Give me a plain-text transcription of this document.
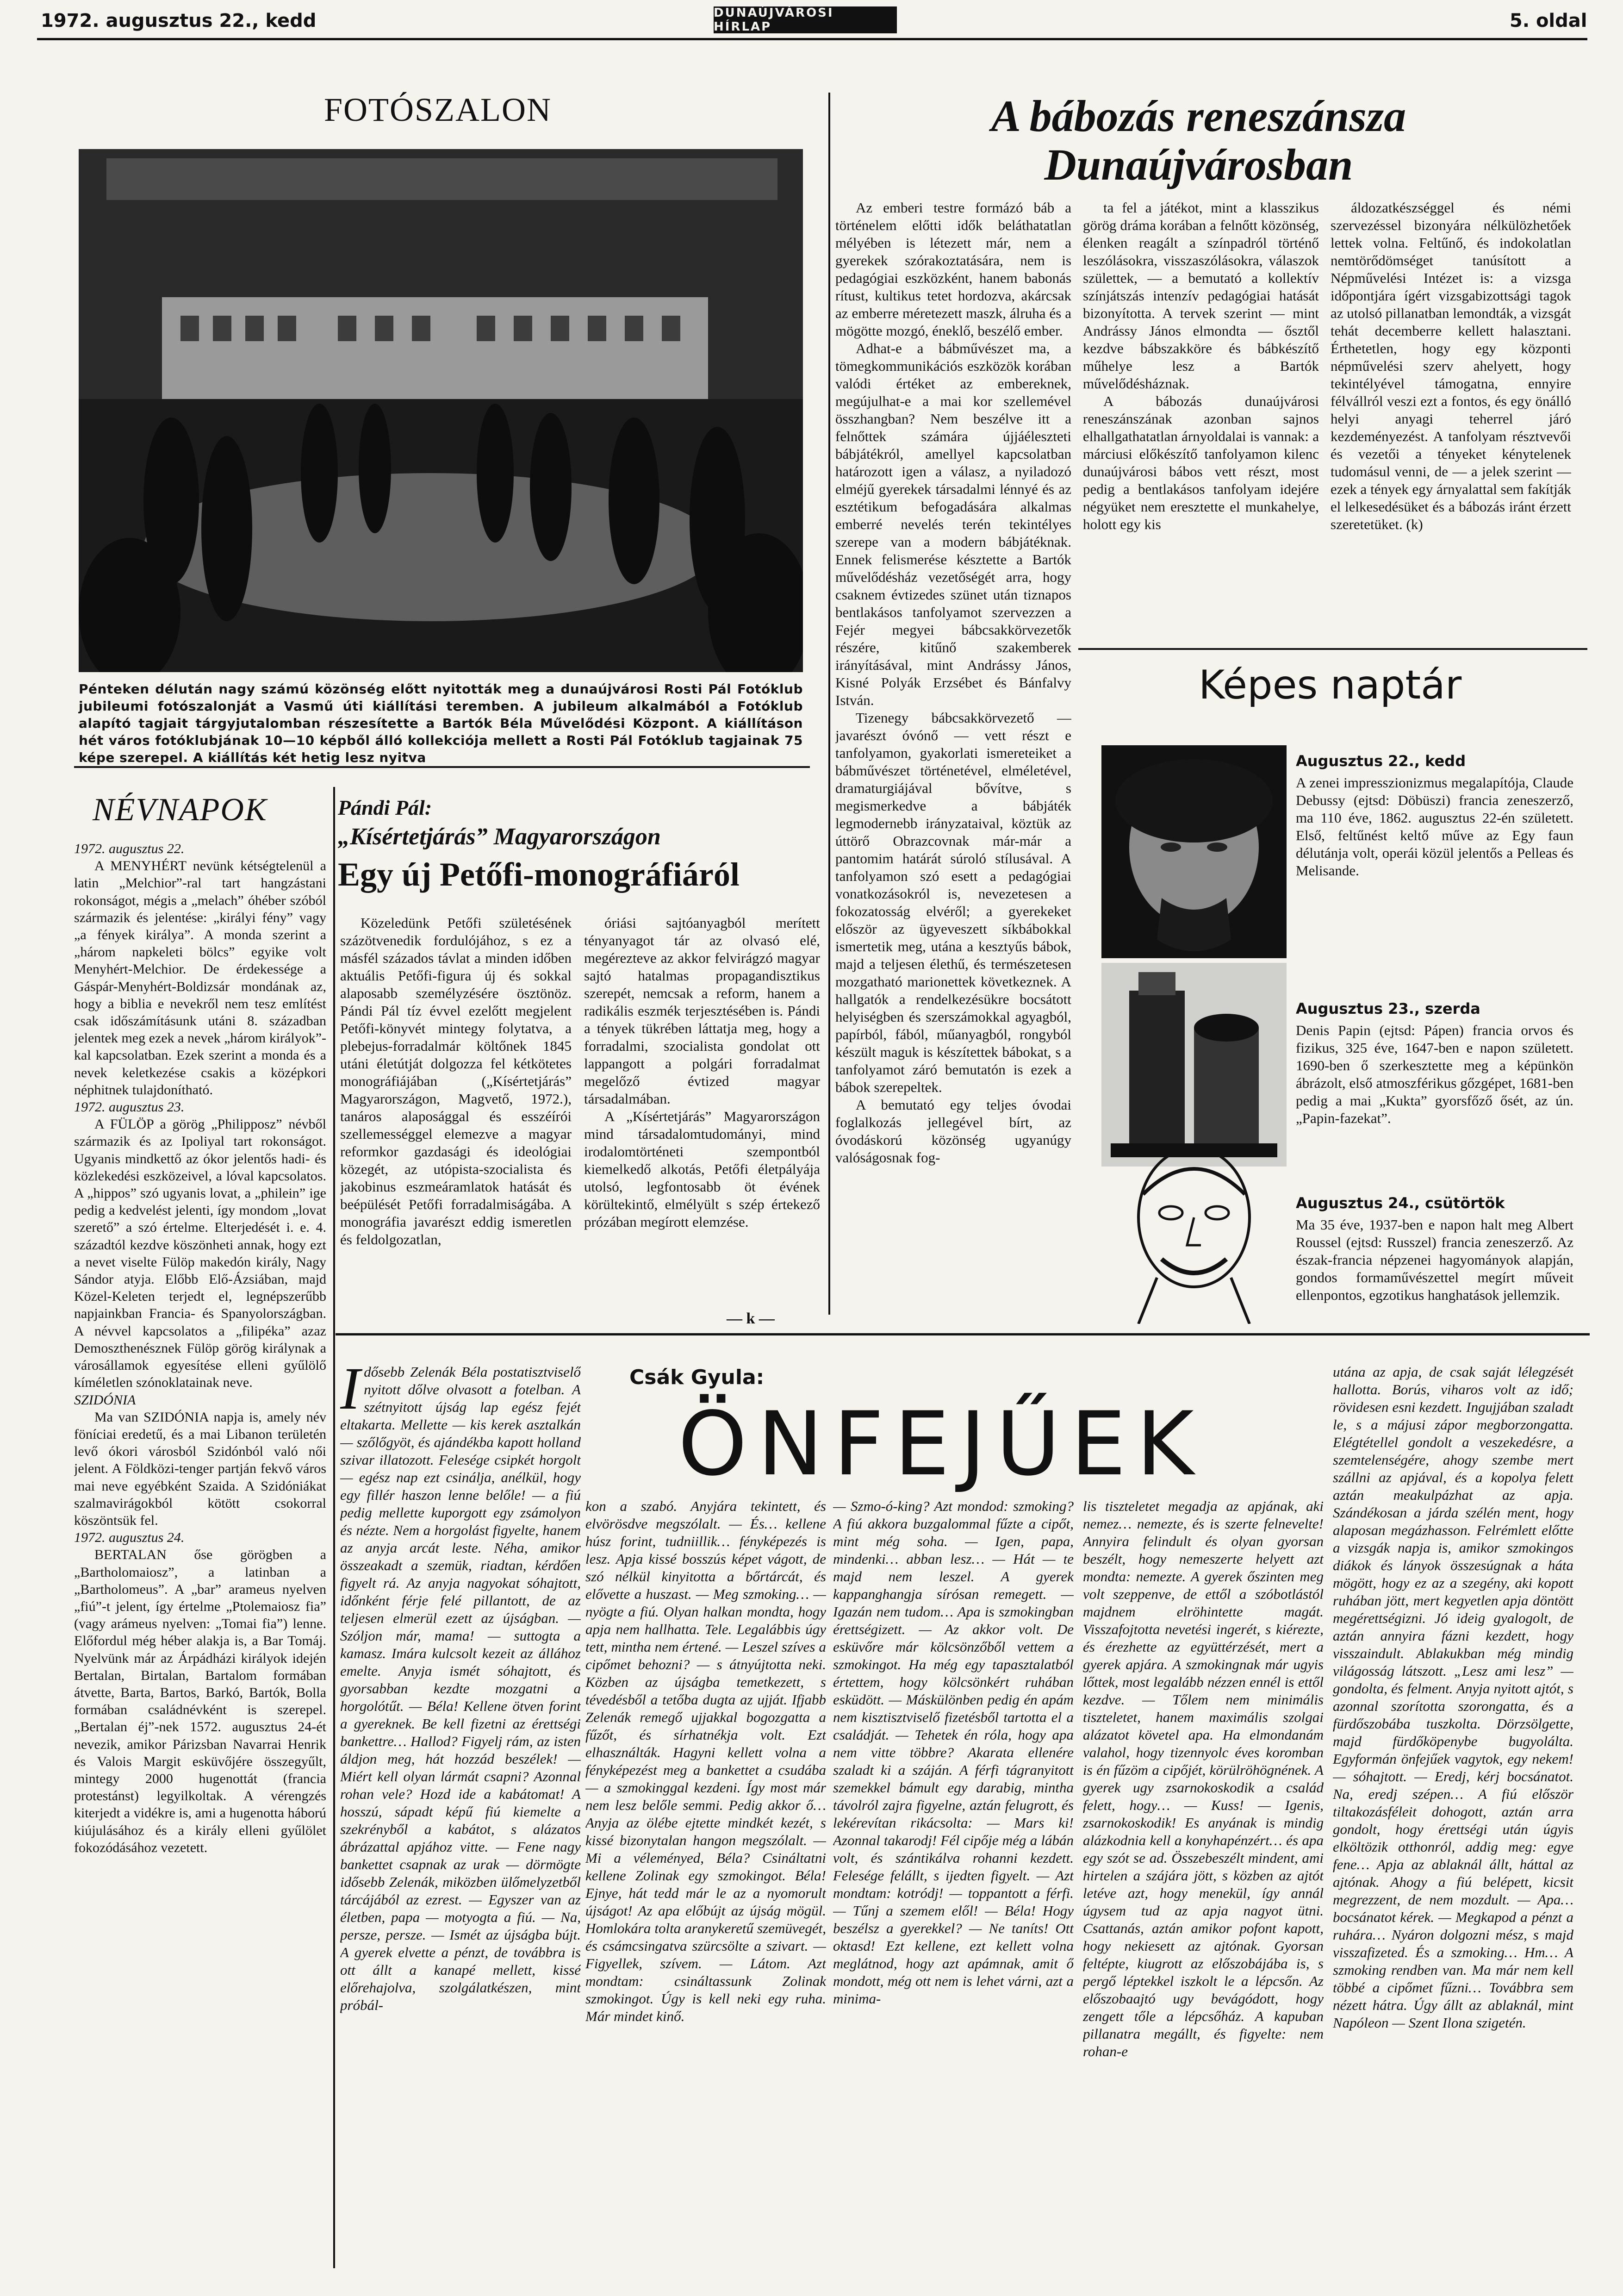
1972. augusztus 22., kedd	DUNAÚJVÁROSI HÍRLAP	5. oldal
FOTÓSZALON
Pénteken délután nagy számú közönség előtt nyitották meg a dunaújvárosi Rosti Pál Fotóklub jubileumi fotószalonját a Vasmű úti kiállítási teremben. A jubileum alkalmából a Fotóklub alapító tagjait tárgyjutalomban részesítette a Bartók Béla Művelődési Központ. A kiállításon hét város fotóklubjának 10—10 képből álló kollekciója mellett a Rosti Pál Fotóklub tagjainak 75 képe szerepel. A kiállítás két hetig lesz nyitva
A bábozás reneszánsza
Dunaújvárosban

Az emberi testre formázó báb a történelem előtti idők beláthatatlan mélyében is létezett már, nem a gyerekek szórakoztatására, nem is pedagógiai eszközként, hanem babonás rítust, kultikus tetet hordozva, akárcsak az emberre méretezett maszk, álruha és a mögötte mozgó, éneklő, beszélő ember.

Adhat-e a bábművészet ma, a tömegkommunikációs eszközök korában valódi értéket az embereknek, megújulhat-e a mai kor szellemével összhangban? Nem beszélve itt a felnőttek számára újjáéleszteti bábjátékról, amellyel kapcsolatban határozott igen a válasz, a nyiladozó elméjű gyerekek társadalmi lénnyé és az esztétikum befogadására alkalmas emberré nevelés terén tekintélyes szerepe van a modern bábjátéknak. Ennek felismerése késztette a Bartók művelődésház vezetőségét arra, hogy csaknem évtizedes szünet után tiznapos bentlakásos tanfolyamot szervezzen a Fejér megyei bábcsakkörvezetők részére, kitűnő szakemberek irányításával, mint Andrássy János, Kisné Polyák Erzsébet és Bánfalvy István.

Tizenegy bábcsakkörvezető — javarészt óvónő — vett részt e tanfolyamon, gyakorlati ismereteiket a bábművészet történetével, elméletével, dramaturgiájával bővítve, s megismerkedve a bábjáték legmodernebb irányzataival, köztük az úttörő Obrazcovnak már-már a pantomim határát súroló stílusával. A tanfolyamon szó esett a pedagógiai vonatkozásokról is, nevezetesen a fokozatosság elvéről; a gyerekeket először az ügyeveszett síkbábokkal ismertetik meg, utána a kesztyűs bábok, majd a teljesen élethű, és természetesen mozgatható marionettek következnek. A hallgatók a rendelkezésükre bocsátott helyiségben és szerszámokkal agyagból, papírból, fából, műanyagból, rongyból készült maguk is készítettek bábokat, s a tanfolyamot záró bemutatón is ezek a bábok szerepeltek.

A bemutató egy teljes óvodai foglalkozás jellegével bírt, az óvodáskorú közönség ugyanúgy valóságosnak fog-

ta fel a játékot, mint a klasszikus görög dráma korában a felnőtt közönség, élenken reagált a színpadról történő leszólásokra, visszaszólásokra, válaszok születtek, — a bemutató a kollektív színjátszás intenzív pedagógiai hatását bizonyította. A tervek szerint — mint Andrássy János elmondta — ősztől kezdve bábszakköre és bábkészítő műhelye lesz a Bartók művelődésháznak.

A bábozás dunaújvárosi reneszánszának azonban sajnos elhallgathatatlan árnyoldalai is vannak: a márciusi előkészítő tanfolyamon kilenc dunaújvárosi bábos vett részt, most pedig a bentlakásos tanfolyam idejére négyüket nem eresztette el munkahelye, holott egy kis

áldozatkészséggel és némi szervezéssel bizonyára nélkülözhetőek lettek volna. Feltűnő, és indokolatlan nemtörődömséget tanúsított a Népművelési Intézet is: a vizsga időpontjára ígért vizsgabizottsági tagok az utolsó pillanatban lemondták, a vizsgát tehát decemberre kellett halasztani. Érthetetlen, hogy egy központi népművelési szerv ahelyett, hogy tekintélyével támogatna, ennyire félvállról veszi ezt a fontos, és egy önálló helyi anyagi teherrel járó kezdeményezést. A tanfolyam résztvevői és vezetői a tényeket kénytelenek tudomásul venni, de — a jelek szerint — ezek a tények egy árnyalattal sem fakítják el lelkesedésüket és a bábozás iránt érzett szeretetüket. (k)

Képes naptár
Augusztus 22., kedd
A zenei impresszionizmus megalapítója, Claude Debussy (ejtsd: Döbüszi) francia zeneszerző, ma 110 éve, 1862. augusztus 22-én született. Első, feltűnést keltő műve az Egy faun délutánja volt, operái közül jelentős a Pelleas és Melisande.
Augusztus 23., szerda
Denis Papin (ejtsd: Pápen) francia orvos és fizikus, 325 éve, 1647-ben e napon született. 1690-ben ő szerkesztette meg a képünkön ábrázolt, első atmoszférikus gőzgépet, 1681-ben pedig a mai „Kukta” gyorsfőző ősét, az ún. „Papin-fazekat”.
Augusztus 24., csütörtök
Ma 35 éve, 1937-ben e napon halt meg Albert Roussel (ejtsd: Russzel) francia zeneszerző. Az észak-francia népzenei hagyományok alapján, gondos formaművészettel megírt műveit ellenpontos, egzotikus hanghatások jellemzik.
NÉVNAPOK
1972. augusztus 22.

A MENYHÉRT nevünk kétségtelenül a latin „Melchior”-ral tart hangzástani rokonságot, mégis a „melach” óhéber szóból származik és jelentése: „királyi fény” vagy „a fények királya”. A monda szerint a „három napkeleti bölcs” egyike volt Menyhért-Melchior. De érdekessége a Gáspár-Menyhért-Boldizsár mondának az, hogy a biblia e nevekről nem tesz említést csak időszámításunk utáni 8. században jelentek meg ezek a nevek „három királyok”-kal kapcsolatban. Ezek szerint a monda és a nevek keletkezése csakis a középkori néphitnek tulajdonítható.

1972. augusztus 23.

A FÜLÖP a görög „Philipposz” névből származik és az Ipoliyal tart rokonságot. Ugyanis mindkettő az ókor jelentős hadi- és közlekedési eszközeivel, a lóval kapcsolatos. A „hippos” szó ugyanis lovat, a „philein” ige pedig a kedvelést jelenti, így mondom „lovat szerető” a szó értelme. Elterjedését i. e. 4. századtól kezdve köszönheti annak, hogy ezt a nevet viselte Fülöp makedón király, Nagy Sándor atyja. Előbb Elő-Ázsiában, majd Közel-Keleten terjedt el, legnépszerűbb napjainkban Francia- és Spanyolországban. A névvel kapcsolatos a „filipéka” azaz Demoszthenésznek Fülöp görög királynak a városállamok egyesítése elleni gyűlölő kíméletlen szónoklatainak neve.

SZIDÓNIA

Ma van SZIDÓNIA napja is, amely név föníciai eredetű, és a mai Libanon területén levő ókori városból Szidónból való női jelent. A Földközi-tenger partján fekvő város mai neve egyébként Szaida. A Szidóniákat szalmavirágokból kötött csokorral köszöntsük fel.

1972. augusztus 24.

BERTALAN őse görögben a „Bartholomaiosz”, a latinban a „Bartholomeus”. A „bar” arameus nyelven „fiú”-t jelent, így értelme „Ptolemaiosz fia” (vagy arámeus nyelven: „Tomai fia”) lenne. Előfordul még héber alakja is, a Bar Tomáj. Nyelvünk már az Árpádházi királyok idején Bertalan, Birtalan, Bartalom formában átvette, Barta, Bartos, Barkó, Bartók, Bolla formában családnévként is szerepel. „Bertalan éj”-nek 1572. augusztus 24-ét nevezik, amikor Párizsban Navarrai Henrik és Valois Margit esküvőjére összegyűlt, mintegy 2000 hugenottát (francia protestánst) legyilkoltak. A vérengzés kiterjedt a vidékre is, ami a hugenotta háború kiújulásához és a király elleni gyűlölet fokozódásához vezetett.

Pándi Pál:
„Kísértetjárás” Magyarországon
Egy új Petőfi-monográfiáról

Közeledünk Petőfi születésének százötvenedik fordulójához, s ez a másfél százados távlat a minden időben aktuális Petőfi-figura új és sokkal alaposabb személyzésére ösztönöz. Pándi Pál tíz évvel ezelőtt megjelent Petőfi-könyvét mintegy folytatva, a plebejus-forradalmár költőnek 1845 utáni életútját dolgozza fel kétkötetes monográfiájában („Kísértetjárás” Magyarországon, Magvető, 1972.), tanáros alaposággal és esszéírói szellemességgel elemezve a magyar reformkor gazdasági és ideológiai közegét, az utópista-szocialista és jakobinus eszmeáramlatok hatását és beépülését Petőfi forradalmiságába. A monográfia javarészt eddig ismeretlen és feldolgozatlan,

óriási sajtóanyagból merített tényanyagot tár az olvasó elé, megérezteve az akkor felvirágzó magyar sajtó hatalmas propagandisztikus szerepét, nemcsak a reform, hanem a radikális eszmék terjesztésében is. Pándi a tények tükrében láttatja meg, hogy a forradalmi, szocialista gondolat ott lappangott a polgári forradalmat megelőző évtized magyar társadalmában.

A „Kísértetjárás” Magyarországon mind társadalomtudományi, mind irodalomtörténeti szempontból kiemelkedő alkotás, Petőfi életpályája utolsó, legfontosabb öt évének körültekintő, elmélyült s szép értekező prózában megírott elemzése.

— k —
Csák Gyula:
ÖNFEJŰEK

Idősebb Zelenák Béla postatisztviselő nyitott dőlve olvasott a fotelban. A szétnyitott újság lap egész fejét eltakarta. Mellette — kis kerek asztalkán — szőlőgyöt, és ajándékba kapott holland szivar illatozott. Felesége csipkét horgolt — egész nap ezt csinálja, anélkül, hogy egy fillér haszon lenne belőle! — a fiú pedig mellette kuporgott egy zsámolyon és nézte. Nem a horgolást figyelte, hanem az anyja arcát leste. Néha, amikor összeakadt a szemük, riadtan, kérdően figyelt rá. Az anyja nagyokat sóhajtott, időnként férje felé pillantott, de az teljesen elmerül ezett az újságban. — Szóljon már, mama! — suttogta a kamasz. Imára kulcsolt kezeit az állához emelte. Anyja ismét sóhajtott, és gyorsabban kezdte mozgatni a horgolótűt. — Béla! Kellene ötven forint a gyereknek. Be kell fizetni az érettségi bankettre… Hallod? Figyelj rám, az isten áldjon meg, hát hozzád beszélek! — Miért kell olyan lármát csapni? Azonnal rohan vele? Hozd ide a kabátomat! A hosszú, sápadt képű fiú kiemelte a szekrényből a kabátot, s alázatos ábrázattal apjához vitte. — Fene nagy bankettet csapnak az urak — dörmögte idősebb Zelenák, miközben ülőmelyzetből tárcájából az ezrest. — Egyszer van az életben, papa — motyogta a fiú. — Na, persze, persze. — Ismét az újságba bújt. A gyerek elvette a pénzt, de továbbra is ott állt a kanapé mellett, kissé előrehajolva, szolgálatkészen, mint próbál-

kon a szabó. Anyjára tekintett, és elvörösdve megszólalt. — És… kellene húsz forint, tudniillik… fényképezés is lesz. Apja kissé bosszús képet vágott, de szó nélkül kinyitotta a bőrtárcát, és elővette a huszast. — Meg szmoking… — nyögte a fiú. Olyan halkan mondta, hogy apja nem hallhatta. Tele. Legalábbis úgy tett, mintha nem értené. — Leszel szíves a cipőmet behozni? — s átnyújtotta neki. Közben az újságba temetkezett, s tévedésből a tetőba dugta az ujját. Ifjabb Zelenák remegő ujjakkal bogozgatta a fűzőt, és sírhatnékja volt. Ezt elhasználták. Hagyni kellett volna a fényképezést meg a bankettet a csudába — a szmokinggal kezdeni. Így most már nem lesz belőle semmi. Pedig akkor ő… Anyja az ölébe ejtette mindkét kezét, s kissé bizonytalan hangon megszólalt. — Mi a véleményed, Béla? Csináltatni kellene Zolinak egy szmokingot. Béla! Ejnye, hát tedd már le az a nyomorult újságot! Az apa előbújt az újság mögül. Homlokára tolta aranykeretű szemüvegét, és csámcsingatva szürcsölte a szivart. — Figyellek, szívem. — Látom. Azt mondtam: csináltassunk Zolinak szmokingot. Úgy is kell neki egy ruha. Már mindet kinő.

— Szmo-ó-king? Azt mondod: szmoking? A fiú akkora buzgalommal fűzte a cipőt, mint még soha. — Igen, papa, mindenki… abban lesz… — Hát — te majd nem leszel. A gyerek kappanghangja sírósan remegett. — Igazán nem tudom… Apa is szmokingban érettségizett. — Az akkor volt. De esküvőre már kölcsönzőből vettem a szmokingot. Ha még egy tapasztalatból értettem, hogy kölcsönkért ruhában esküdött. — Máskülönben pedig én apám nem kisztisztviselő fizetésből tartotta el a családját. — Tehetek én róla, hogy apa nem vitte többre? Akarata ellenére szaladt ki a száján. A férfi tágranyitott szemekkel bámult egy darabig, mintha távolról zajra figyelne, aztán felugrott, és lekérevítan rikácsolta: — Mars ki! Azonnal takarodj! Fél cipője még a lábán volt, és szántikálva rohanni kezdett. Felesége felállt, s ijedten figyelt. — Azt mondtam: kotródj! — toppantott a férfi. — Tűnj a szemem elől! — Béla! Hogy beszélsz a gyerekkel? — Ne taníts! Ott oktasd! Ezt kellene, ezt kellett volna meglátnod, hogy azt apámnak, amit ő mondott, még ott nem is lehet várni, azt a minima-

lis tiszteletet megadja az apjának, aki nemez… nemezte, és is szerte felnevelte! Annyira felindult és olyan gyorsan beszélt, hogy nemeszerte helyett azt mondta: nemezte. A gyerek őszinten meg volt szeppenve, de ettől a szóbotlástól majdnem elröhintette magát. Visszafojtotta nevetési ingerét, s kiérezte, és érezhette az együttérzését, mert a gyerek apjára. A szmokingnak már ugyis lőttek, most legalább nézzen ennél is ettől kezdve. — Tőlem nem minimális tiszteletet, hanem maximális szolgai alázatot követel apa. Ha elmondanám valahol, hogy tizennyolc éves koromban is én fűzöm a cipőjét, körülröhögnének. A gyerek ugy zsarnokoskodik a család felett, hogy… — Kuss! — Igenis, zsarnokoskodik! Es anyának is mindig alázkodnia kell a konyhapénzért… és apa egy szót se ad. Összebeszélt mindent, ami hirtelen a szájára jött, s közben az ajtót letéve azt, hogy menekül, így annál úgysem tud az apja nagyot ütni. Csattanás, aztán amikor pofont kapott, hogy nekiesett az ajtónak. Gyorsan feltépte, kiugrott az előszobájába is, s pergő léptekkel iszkolt le a lépcsőn. Az előszobaajtó ugy bevágódott, hogy zengett tőle a lépcsőház. A kapuban pillanatra megállt, és figyelte: nem rohan-e

utána az apja, de csak saját lélegzését hallotta. Borús, viharos volt az idő; rövidesen esni kezdett. Ingujjában szaladt le, s a májusi zápor megborzongatta. Elégtétellel gondolt a veszekedésre, a szemtelenségére, ahogy szembe mert szállni az apjával, és a kopolya felett aztán meakulpázhat az apja. Szándékosan a járda szélén ment, hogy alaposan megázhasson. Felrémlett előtte a vizsgák napja is, amikor szmokingos diákok és lányok összesúgnak a háta mögött, hogy ez az a szegény, aki kopott ruhában jött, mert kegyetlen apja döntött megérettségizni. Jó ideig gyalogolt, de aztán annyira fázni kezdett, hogy visszaindult. Ablakukban még mindig világosság látszott. „Lesz ami lesz” — gondolta, és felment. Anyja nyitott ajtót, s azonnal szorította szorongatta, és a fürdőszobába tuszkolta. Dörzsölgette, majd fürdőköpenybe bugyolálta. Egyformán önfejűek vagytok, egy nekem! — sóhajtott. — Eredj, kérj bocsánatot. Na, eredj szépen… A fiú először tiltakozásféleit dohogott, aztán arra gondolt, hogy érettségi után úgyis elköltözik otthonról, addig meg: egye fene… Apja az ablaknál állt, háttal az ajtónak. Ahogy a fiú belépett, kicsit megrezzent, de nem mozdult. — Apa… bocsánatot kérek. — Megkapod a pénzt a ruhára… Nyáron dolgozni mész, s majd visszafizeted. És a szmoking… Hm… A szmoking rendben van. Ma már nem kell többé a cipőmet fűzni… Továbbra sem nézett hátra. Úgy állt az ablaknál, mint Napóleon — Szent Ilona szigetén.
